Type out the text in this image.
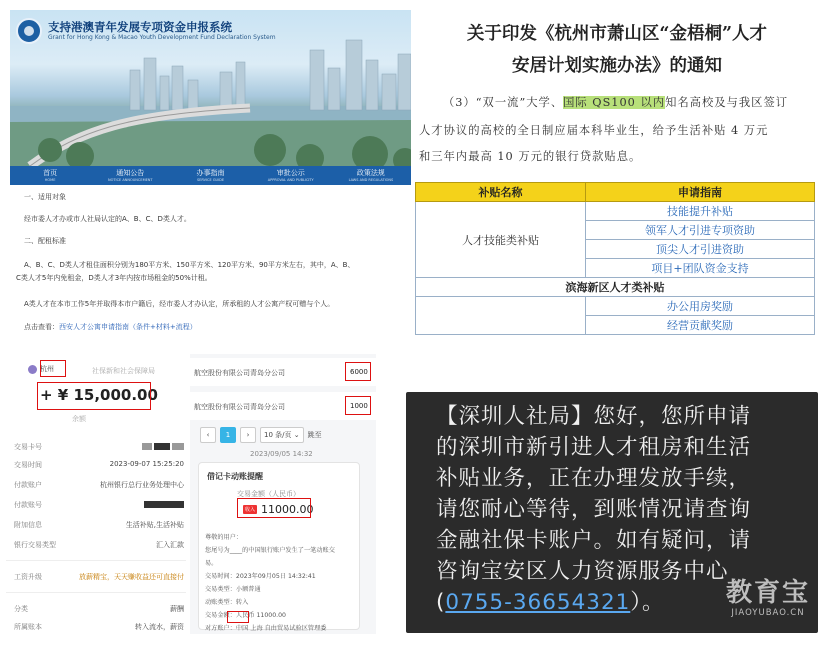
支持港澳青年发展专项资金申报系统
Grant for Hong Kong & Macao Youth Development Fund Declaration System
首页
HOME
通知公告
NOTICE ANNOUNCEMENT
办事指南
SERVICE GUIDE
审批公示
APPROVAL AND PUBLICITY
政策法规
LAWS AND REGULATIONS

一、适用对象

经市委人才办或市人社局认定的A、B、C、D类人才。

二、配租标准

A、B、C、D类人才租住面积分别为180平方米、150平方米、120平方米、90平方米左右，其中，A、B、

C类人才5年内免租金，D类人才3年内按市场租金的50%计租。

A类人才在本市工作5年并取得本市户籍后，经市委人才办认定，所承租的人才公寓产权可赠与个人。

点击查看：西安人才公寓申请指南（条件+材料+流程）

关于印发《杭州市萧山区“金梧桐”人才
安居计划实施办法》的通知
（3）“双一流”大学、国际 QS100 以内知名高校及与我区签订
人才协议的高校的全日制应届本科毕业生，给予生活补贴 4 万元
和三年内最高 10 万元的银行贷款贴息。
补贴名称	申请指南
人才技能类补贴	技能提升补贴
	领军人才引进专项资助
	顶尖人才引进资助
	项目+团队资金支持
滨海新区人才类补贴	
	办公用房奖励
	经营贡献奖励
杭州	社保新和社会保障局
+ ¥ 15,000.00
余额
交易卡号

交易时间	2023-09-07 15:25:20
付款账户	杭州银行总行业务处理中心
付款账号
附加信息	生活补贴,生活补贴
银行交易类型	汇入汇款
工资升级	放薪精宝，天天赚收益还可直接付
分类	薪酬
所属账本	转入流水，薪资
航空股份有限公司青岛分公司	6000
航空股份有限公司青岛分公司	1000
‹	1	›	10 条/页 ⌄	跳至
2023/09/05 14:32
借记卡动账提醒
交易金额（人民币）
收入 11000.00
尊敬的用户：
您尾号为____的中国银行账户发生了一笔动账交
易。
交易时间：2023年09月05日 14:32:41
交易类型：小额普通
动账类型：转入
交易金额：人民币 11000.00
对方账户：中国 上海 自由贸易试验区管理委
【深圳人社局】您好，您所申请
的深圳市新引进人才租房和生活
补贴业务，正在办理发放手续，
请您耐心等待，到账情况请查询
金融社保卡账户。如有疑问，请
咨询宝安区人力资源服务中心
(0755-36654321）。	教育宝
JIAOYUBAO.CN
